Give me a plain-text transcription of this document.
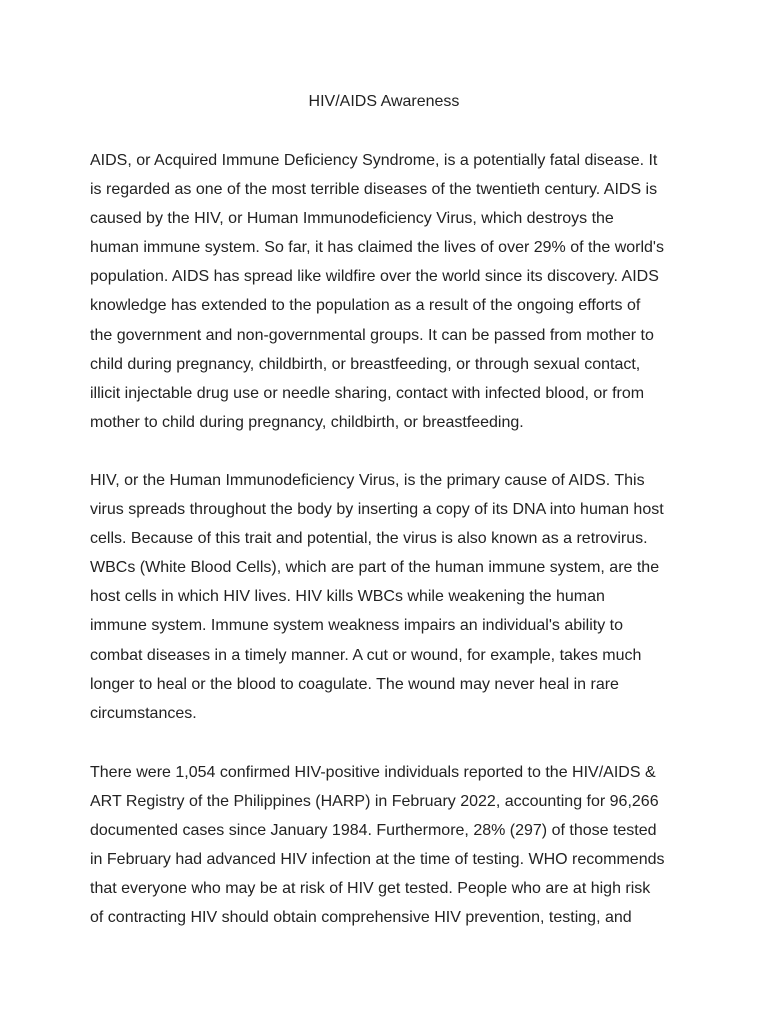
HIV/AIDS Awareness

AIDS, or Acquired Immune Deficiency Syndrome, is a potentially fatal disease. It
is regarded as one of the most terrible diseases of the twentieth century. AIDS is
caused by the HIV, or Human Immunodeficiency Virus, which destroys the
human immune system. So far, it has claimed the lives of over 29% of the world's
population. AIDS has spread like wildfire over the world since its discovery. AIDS
knowledge has extended to the population as a result of the ongoing efforts of
the government and non-governmental groups. It can be passed from mother to
child during pregnancy, childbirth, or breastfeeding, or through sexual contact,
illicit injectable drug use or needle sharing, contact with infected blood, or from
mother to child during pregnancy, childbirth, or breastfeeding.

HIV, or the Human Immunodeficiency Virus, is the primary cause of AIDS. This
virus spreads throughout the body by inserting a copy of its DNA into human host
cells. Because of this trait and potential, the virus is also known as a retrovirus.
WBCs (White Blood Cells), which are part of the human immune system, are the
host cells in which HIV lives. HIV kills WBCs while weakening the human
immune system. Immune system weakness impairs an individual's ability to
combat diseases in a timely manner. A cut or wound, for example, takes much
longer to heal or the blood to coagulate. The wound may never heal in rare
circumstances.

There were 1,054 confirmed HIV-positive individuals reported to the HIV/AIDS &
ART Registry of the Philippines (HARP) in February 2022, accounting for 96,266
documented cases since January 1984. Furthermore, 28% (297) of those tested
in February had advanced HIV infection at the time of testing. WHO recommends
that everyone who may be at risk of HIV get tested. People who are at high risk
of contracting HIV should obtain comprehensive HIV prevention, testing, and
